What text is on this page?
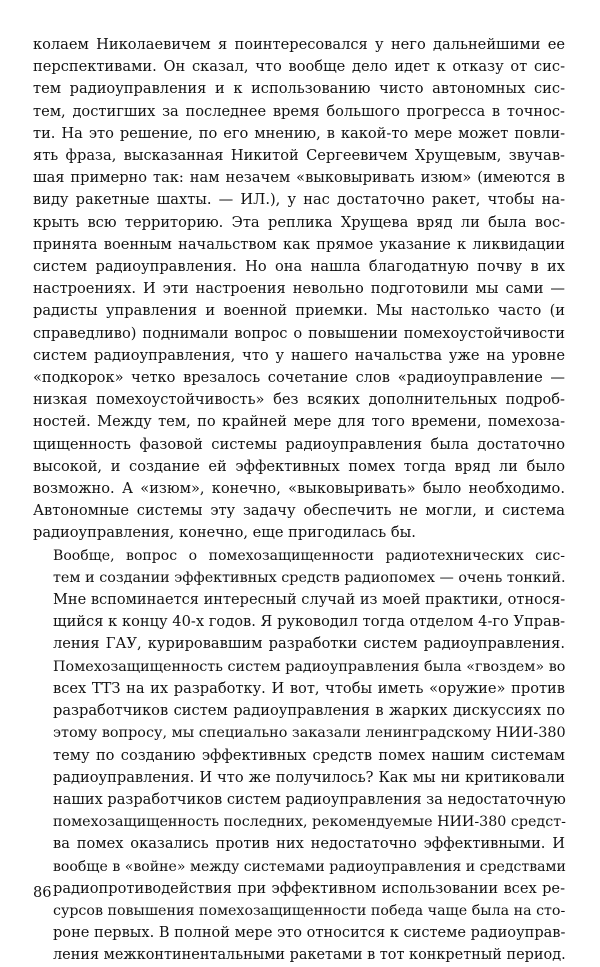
колаем Николаевичем я поинтересовался у него дальнейшими ее
перспективами. Он сказал, что вообще дело идет к отказу от сис-
тем радиоуправления и к использованию чисто автономных сис-
тем, достигших за последнее время большого прогресса в точнос-
ти. На это решение, по его мнению, в какой-то мере может повли-
ять фраза, высказанная Никитой Сергеевичем Хрущевым, звучав-
шая примерно так: нам незачем «выковыривать изюм» (имеются в
виду ракетные шахты. — ИЛ.), у нас достаточно ракет, чтобы на-
крыть всю территорию. Эта реплика Хрущева вряд ли была вос-
принята военным начальством как прямое указание к ликвидации
систем радиоуправления. Но она нашла благодатную почву в их
настроениях. И эти настроения невольно подготовили мы сами —
радисты управления и военной приемки. Мы настолько часто (и
справедливо) поднимали вопрос о повышении помехоустойчивости
систем радиоуправления, что у нашего начальства уже на уровне
«подкорок» четко врезалось сочетание слов «радиоуправление —
низкая помехоустойчивость» без всяких дополнительных подроб-
ностей. Между тем, по крайней мере для того времени, помехоза-
щищенность фазовой системы радиоуправления была достаточно
высокой, и создание ей эффективных помех тогда вряд ли было
возможно. А «изюм», конечно, «выковыривать» было необходимо.
Автономные системы эту задачу обеспечить не могли, и система
радиоуправления, конечно, еще пригодилась бы.
Вообще, вопрос о помехозащищенности радиотехнических сис-
тем и создании эффективных средств радиопомех — очень тонкий.
Мне вспоминается интересный случай из моей практики, относя-
щийся к концу 40-х годов. Я руководил тогда отделом 4-го Управ-
ления ГАУ, курировавшим разработки систем радиоуправления.
Помехозащищенность систем радиоуправления была «гвоздем» во
всех ТТЗ на их разработку. И вот, чтобы иметь «оружие» против
разработчиков систем радиоуправления в жарких дискуссиях по
этому вопросу, мы специально заказали ленинградскому НИИ-380
тему по созданию эффективных средств помех нашим системам
радиоуправления. И что же получилось? Как мы ни критиковали
наших разработчиков систем радиоуправления за недостаточную
помехозащищенность последних, рекомендуемые НИИ-380 средст-
ва помех оказались против них недостаточно эффективными. И
вообще в «войне» между системами радиоуправления и средствами
радиопротиводействия при эффективном использовании всех ре-
сурсов повышения помехозащищенности победа чаще была на сто-
роне первых. В полной мере это относится к системе радиоуправ-
ления межконтинентальными ракетами в тот конкретный период.
86
